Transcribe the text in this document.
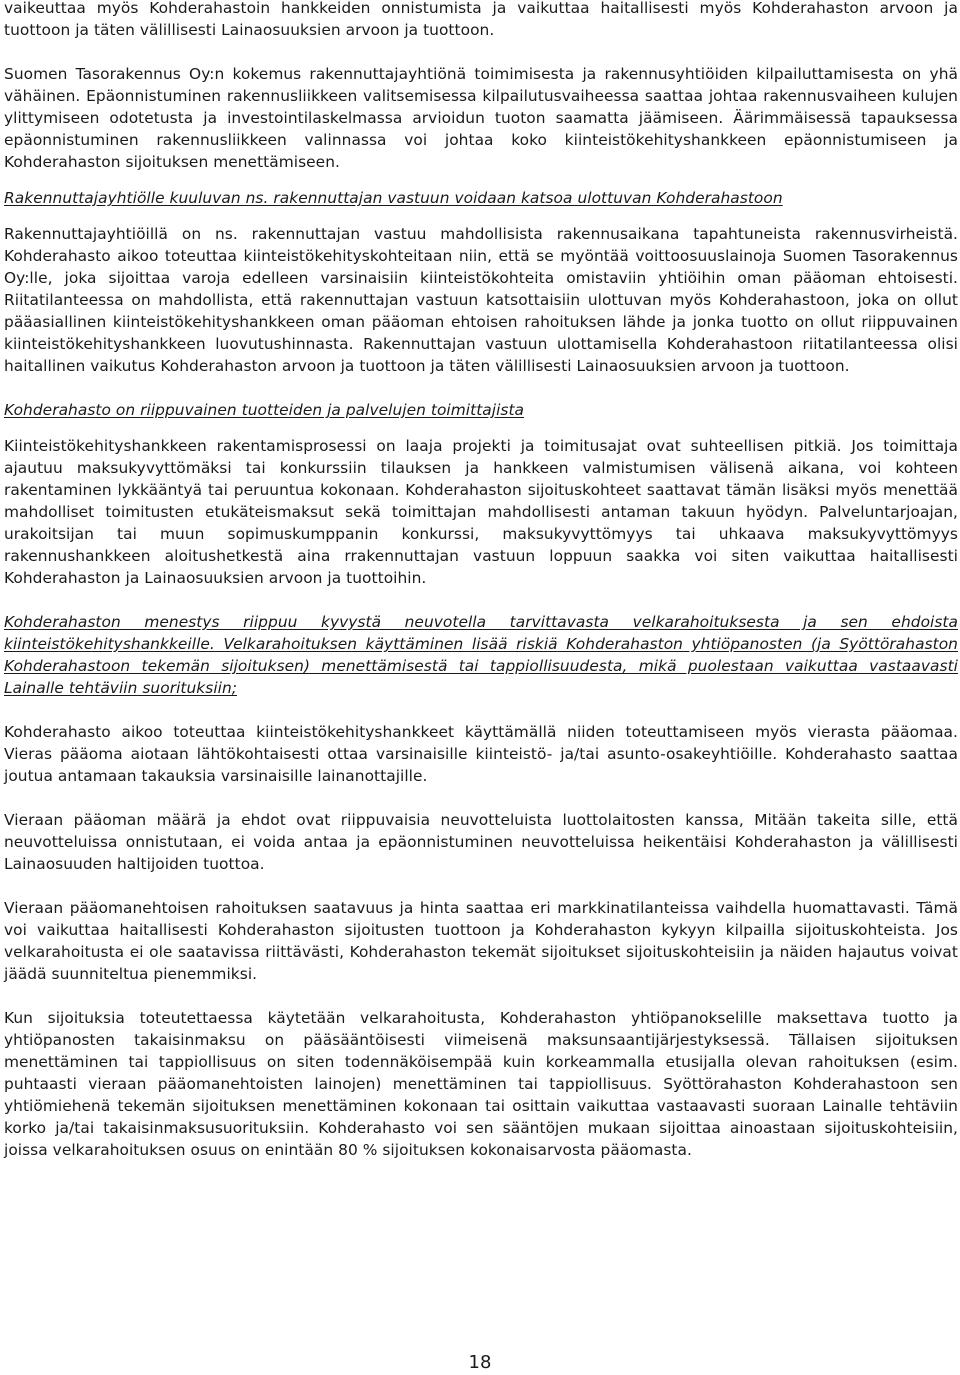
vaikeuttaa myös Kohderahastoin hankkeiden onnistumista ja vaikuttaa haitallisesti myös Kohderahaston arvoon ja tuottoon ja täten välillisesti Lainaosuuksien arvoon ja tuottoon.

Suomen Tasorakennus Oy:n kokemus rakennuttajayhtiönä toimimisesta ja rakennusyhtiöiden kilpailuttamisesta on yhä vähäinen. Epäonnistuminen rakennusliikkeen valitsemisessa kilpailutusvaiheessa saattaa johtaa rakennusvaiheen kulujen ylittymiseen odotetusta ja investointilaskelmassa arvioidun tuoton saamatta jäämiseen. Äärimmäisessä tapauksessa epäonnistuminen rakennusliikkeen valinnassa voi johtaa koko kiinteistökehityshankkeen epäonnistumiseen ja Kohderahaston sijoituksen menettämiseen.

Rakennuttajayhtiölle kuuluvan ns. rakennuttajan vastuun voidaan katsoa ulottuvan Kohderahastoon

Rakennuttajayhtiöillä on ns. rakennuttajan vastuu mahdollisista rakennusaikana tapahtuneista rakennusvirheistä. Kohderahasto aikoo toteuttaa kiinteistökehityskohteitaan niin, että se myöntää voittoosuuslainoja Suomen Tasorakennus Oy:lle, joka sijoittaa varoja edelleen varsinaisiin kiinteistökohteita omistaviin yhtiöihin oman pääoman ehtoisesti. Riitatilanteessa on mahdollista, että rakennuttajan vastuun katsottaisiin ulottuvan myös Kohderahastoon, joka on ollut pääasiallinen kiinteistökehityshankkeen oman pääoman ehtoisen rahoituksen lähde ja jonka tuotto on ollut riippuvainen kiinteistökehityshankkeen luovutushinnasta. Rakennuttajan vastuun ulottamisella Kohderahastoon riitatilanteessa olisi haitallinen vaikutus Kohderahaston arvoon ja tuottoon ja täten välillisesti Lainaosuuksien arvoon ja tuottoon.

Kohderahasto on riippuvainen tuotteiden ja palvelujen toimittajista

Kiinteistökehityshankkeen rakentamisprosessi on laaja projekti ja toimitusajat ovat suhteellisen pitkiä. Jos toimittaja ajautuu maksukyvyttömäksi tai konkurssiin tilauksen ja hankkeen valmistumisen välisenä aikana, voi kohteen rakentaminen lykkääntyä tai peruuntua kokonaan. Kohderahaston sijoituskohteet saattavat tämän lisäksi myös menettää mahdolliset toimitusten etukäteismaksut sekä toimittajan mahdollisesti antaman takuun hyödyn. Palveluntarjoajan, urakoitsijan tai muun sopimuskumppanin konkurssi, maksukyvyttömyys tai uhkaava maksukyvyttömyys rakennushankkeen aloitushetkestä aina rrakennuttajan vastuun loppuun saakka voi siten vaikuttaa haitallisesti Kohderahaston ja Lainaosuuksien arvoon ja tuottoihin.

Kohderahaston menestys riippuu kyvystä neuvotella tarvittavasta velkarahoituksesta ja sen ehdoista kiinteistökehityshankkeille. Velkarahoituksen käyttäminen lisää riskiä Kohderahaston yhtiöpanosten (ja Syöttörahaston Kohderahastoon tekemän sijoituksen) menettämisestä tai tappiollisuudesta, mikä puolestaan vaikuttaa vastaavasti Lainalle tehtäviin suorituksiin;

Kohderahasto aikoo toteuttaa kiinteistökehityshankkeet käyttämällä niiden toteuttamiseen myös vierasta pääomaa. Vieras pääoma aiotaan lähtökohtaisesti ottaa varsinaisille kiinteistö- ja/tai asunto-osakeyhtiöille. Kohderahasto saattaa joutua antamaan takauksia varsinaisille lainanottajille.

Vieraan pääoman määrä ja ehdot ovat riippuvaisia neuvotteluista luottolaitosten kanssa, Mitään takeita sille, että neuvotteluissa onnistutaan, ei voida antaa ja epäonnistuminen neuvotteluissa heikentäisi Kohderahaston ja välillisesti Lainaosuuden haltijoiden tuottoa.

Vieraan pääomanehtoisen rahoituksen saatavuus ja hinta saattaa eri markkinatilanteissa vaihdella huomattavasti. Tämä voi vaikuttaa haitallisesti Kohderahaston sijoitusten tuottoon ja Kohderahaston kykyyn kilpailla sijoituskohteista. Jos velkarahoitusta ei ole saatavissa riittävästi, Kohderahaston tekemät sijoitukset sijoituskohteisiin ja näiden hajautus voivat jäädä suunniteltua pienemmiksi.

Kun sijoituksia toteutettaessa käytetään velkarahoitusta, Kohderahaston yhtiöpanokselille maksettava tuotto ja yhtiöpanosten takaisinmaksu on pääsääntöisesti viimeisenä maksunsaantijärjestyksessä. Tällaisen sijoituksen menettäminen tai tappiollisuus on siten todennäköisempää kuin korkeammalla etusijalla olevan rahoituksen (esim. puhtaasti vieraan pääomanehtoisten lainojen) menettäminen tai tappiollisuus. Syöttörahaston Kohderahastoon sen yhtiömiehenä tekemän sijoituksen menettäminen kokonaan tai osittain vaikuttaa vastaavasti suoraan Lainalle tehtäviin korko ja/tai takaisinmaksusuorituksiin. Kohderahasto voi sen sääntöjen mukaan sijoittaa ainoastaan sijoituskohteisiin, joissa velkarahoituksen osuus on enintään 80 % sijoituksen kokonaisarvosta pääomasta.

18
